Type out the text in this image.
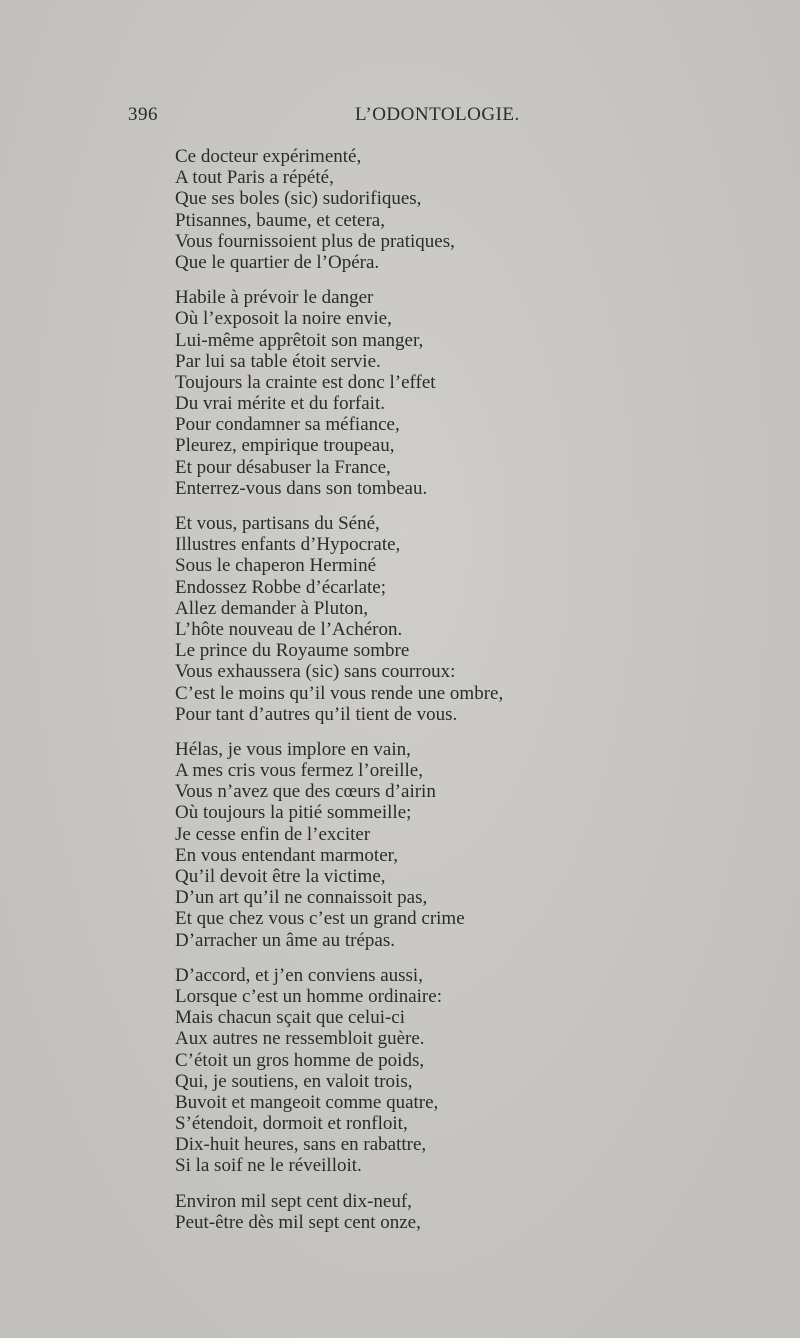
396	L’ODONTOLOGIE.
Ce docteur expérimenté,
A tout Paris a répété,
Que ses boles (sic) sudorifiques,
Ptisannes, baume, et cetera,
Vous fournissoient plus de pratiques,
Que le quartier de l’Opéra.
Habile à prévoir le danger
Où l’exposoit la noire envie,
Lui-même apprêtoit son manger,
Par lui sa table étoit servie.
Toujours la crainte est donc l’effet
Du vrai mérite et du forfait.
Pour condamner sa méfiance,
Pleurez, empirique troupeau,
Et pour désabuser la France,
Enterrez-vous dans son tombeau.
Et vous, partisans du Séné,
Illustres enfants d’Hypocrate,
Sous le chaperon Herminé
Endossez Robbe d’écarlate;
Allez demander à Pluton,
L’hôte nouveau de l’Achéron.
Le prince du Royaume sombre
Vous exhaussera (sic) sans courroux:
C’est le moins qu’il vous rende une ombre,
Pour tant d’autres qu’il tient de vous.
Hélas, je vous implore en vain,
A mes cris vous fermez l’oreille,
Vous n’avez que des cœurs d’airin
Où toujours la pitié sommeille;
Je cesse enfin de l’exciter
En vous entendant marmoter,
Qu’il devoit être la victime,
D’un art qu’il ne connaissoit pas,
Et que chez vous c’est un grand crime
D’arracher un âme au trépas.
D’accord, et j’en conviens aussi,
Lorsque c’est un homme ordinaire:
Mais chacun sçait que celui-ci
Aux autres ne ressembloit guère.
C’étoit un gros homme de poids,
Qui, je soutiens, en valoit trois,
Buvoit et mangeoit comme quatre,
S’étendoit, dormoit et ronfloit,
Dix-huit heures, sans en rabattre,
Si la soif ne le réveilloit.
Environ mil sept cent dix-neuf,
Peut-être dès mil sept cent onze,
